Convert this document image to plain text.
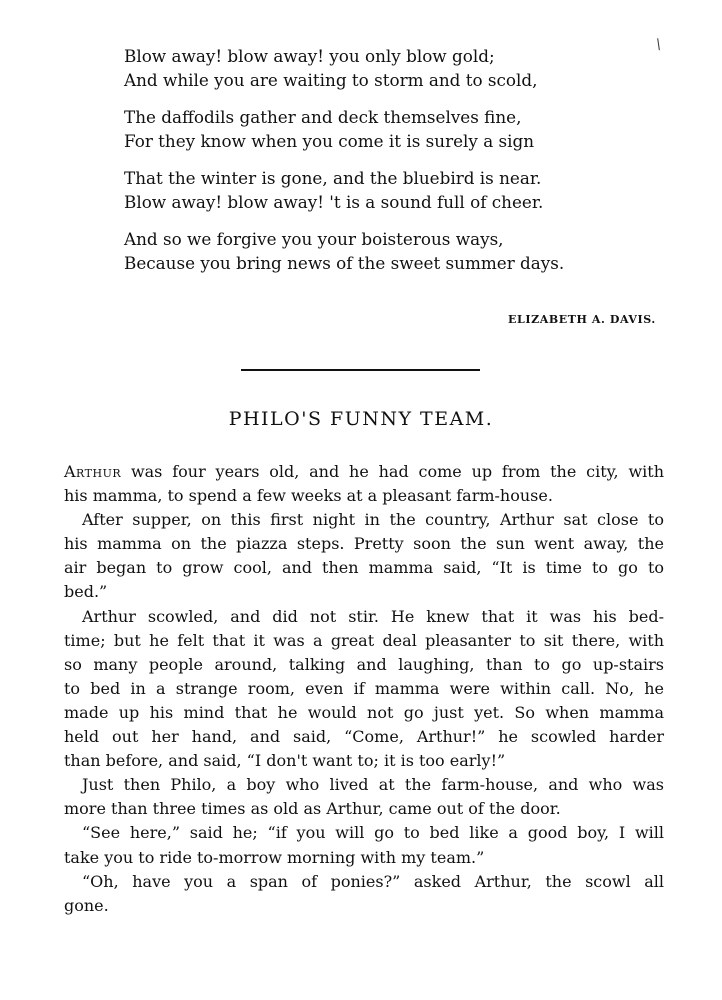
Blow away! blow away! you only blow gold;
And while you are waiting to storm and to scold,
The daffodils gather and deck themselves fine,
For they know when you come it is surely a sign
That the winter is gone, and the bluebird is near.
Blow away! blow away! 't is a sound full of cheer.
And so we forgive you your boisterous ways,
Because you bring news of the sweet summer days.
ELIZABETH A. DAVIS.
PHILO'S FUNNY TEAM.
Arthur was four years old, and he had come up from the city, with
his mamma, to spend a few weeks at a pleasant farm-house.
After supper, on this first night in the country, Arthur sat close to
his mamma on the piazza steps. Pretty soon the sun went away, the
air began to grow cool, and then mamma said, “It is time to go to
bed.”
Arthur scowled, and did not stir. He knew that it was his bed-
time; but he felt that it was a great deal pleasanter to sit there, with
so many people around, talking and laughing, than to go up-stairs
to bed in a strange room, even if mamma were within call. No, he
made up his mind that he would not go just yet. So when mamma
held out her hand, and said, “Come, Arthur!” he scowled harder
than before, and said, “I don't want to; it is too early!”
Just then Philo, a boy who lived at the farm-house, and who was
more than three times as old as Arthur, came out of the door.
“See here,” said he; “if you will go to bed like a good boy, I will
take you to ride to-morrow morning with my team.”
“Oh, have you a span of ponies?” asked Arthur, the scowl all
gone.
